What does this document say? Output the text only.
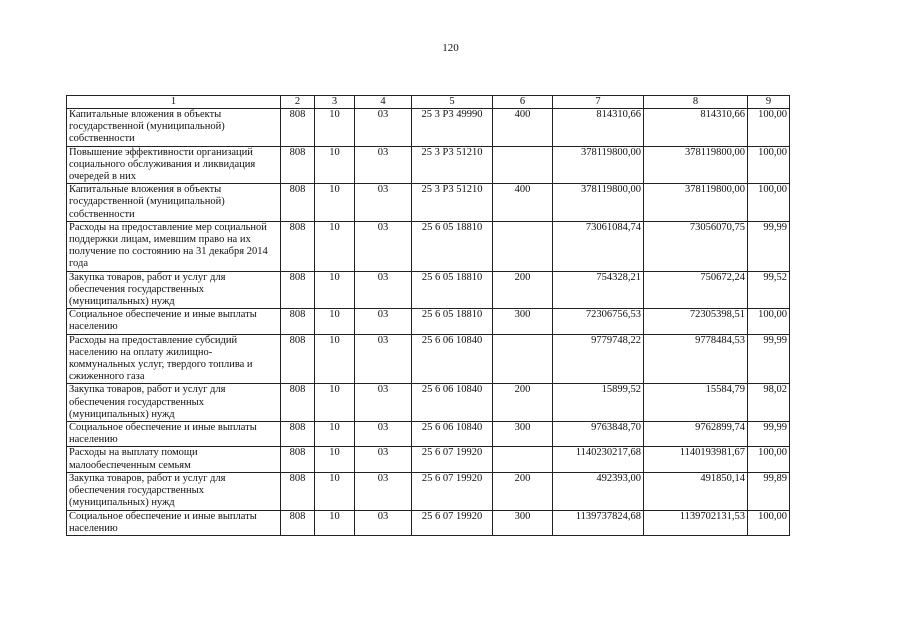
120
1	2	3	4	5	6	7	8	9
Капитальные вложения в объекты государственной (муниципальной) собственности	808	10	03	25 3 P3 49990	400	814310,66	814310,66	100,00
Повышение эффективности организаций социального обслуживания и ликвидация очередей в них	808	10	03	25 3 P3 51210		378119800,00	378119800,00	100,00
Капитальные вложения в объекты государственной (муниципальной) собственности	808	10	03	25 3 P3 51210	400	378119800,00	378119800,00	100,00
Расходы на предоставление мер социальной поддержки лицам, имевшим право на их получение по состоянию на 31 декабря 2014 года	808	10	03	25 6 05 18810		73061084,74	73056070,75	99,99
Закупка товаров, работ и услуг для обеспечения государственных (муниципальных) нужд	808	10	03	25 6 05 18810	200	754328,21	750672,24	99,52
Социальное обеспечение и иные выплаты населению	808	10	03	25 6 05 18810	300	72306756,53	72305398,51	100,00
Расходы на предоставление субсидий населению на оплату жилищно-коммунальных услуг, твердого топлива и сжиженного газа	808	10	03	25 6 06 10840		9779748,22	9778484,53	99,99
Закупка товаров, работ и услуг для обеспечения государственных (муниципальных) нужд	808	10	03	25 6 06 10840	200	15899,52	15584,79	98,02
Социальное обеспечение и иные выплаты населению	808	10	03	25 6 06 10840	300	9763848,70	9762899,74	99,99
Расходы на выплату помощи малообеспеченным семьям	808	10	03	25 6 07 19920		1140230217,68	1140193981,67	100,00
Закупка товаров, работ и услуг для обеспечения государственных (муниципальных) нужд	808	10	03	25 6 07 19920	200	492393,00	491850,14	99,89
Социальное обеспечение и иные выплаты населению	808	10	03	25 6 07 19920	300	1139737824,68	1139702131,53	100,00
